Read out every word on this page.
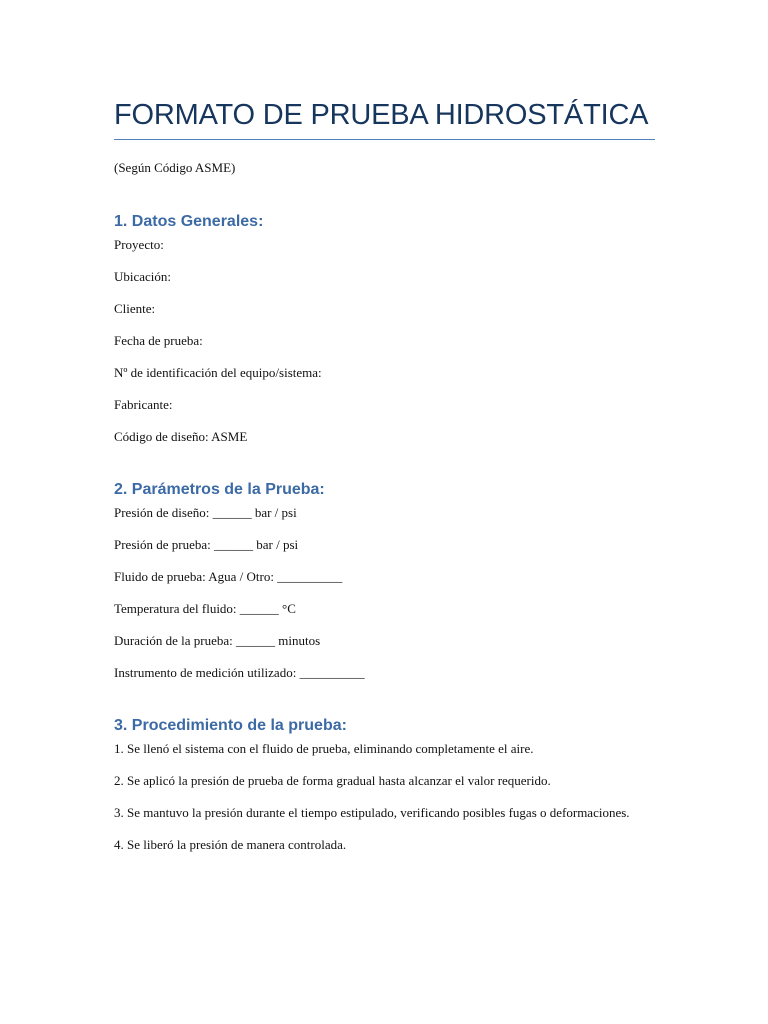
FORMATO DE PRUEBA HIDROSTÁTICA
(Según Código ASME)
1. Datos Generales:

Proyecto:

Ubicación:

Cliente:

Fecha de prueba:

Nº de identificación del equipo/sistema:

Fabricante:

Código de diseño: ASME

2. Parámetros de la Prueba:

Presión de diseño: ______ bar / psi

Presión de prueba: ______ bar / psi

Fluido de prueba: Agua / Otro: __________

Temperatura del fluido: ______ °C

Duración de la prueba: ______ minutos

Instrumento de medición utilizado: __________

3. Procedimiento de la prueba:

1. Se llenó el sistema con el fluido de prueba, eliminando completamente el aire.

2. Se aplicó la presión de prueba de forma gradual hasta alcanzar el valor requerido.

3. Se mantuvo la presión durante el tiempo estipulado, verificando posibles fugas o deformaciones.

4. Se liberó la presión de manera controlada.
